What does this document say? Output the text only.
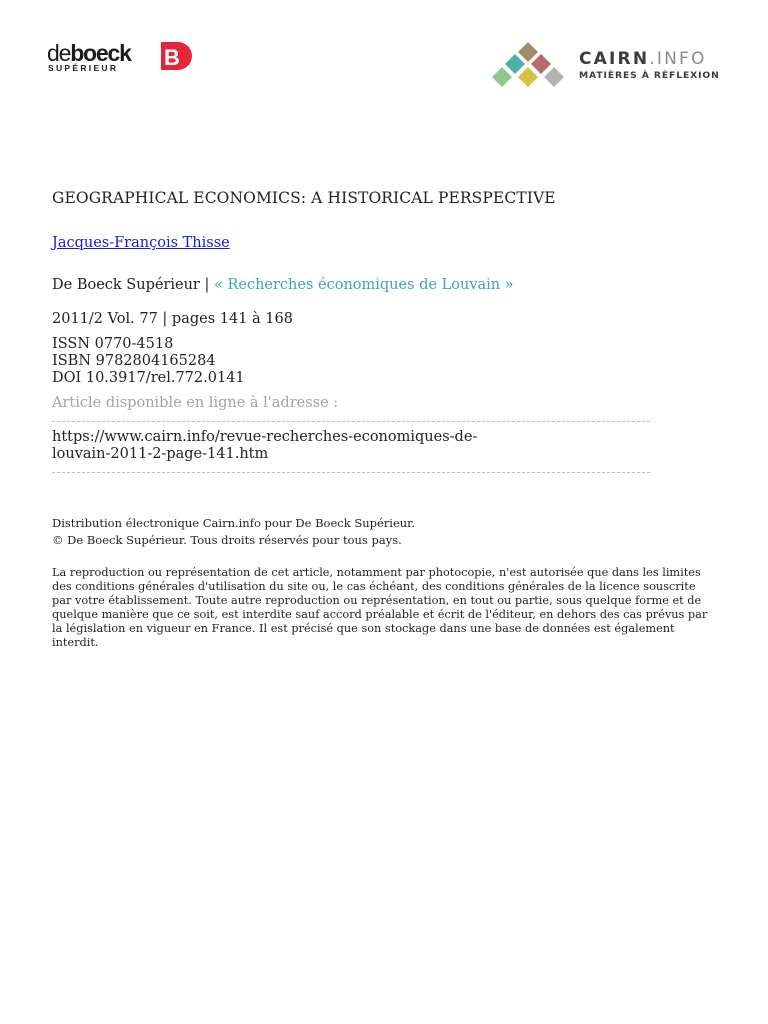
deboeck
SUPÉRIEUR B	CAIRN.INFO
MATIÈRES À RÉFLEXION
GEOGRAPHICAL ECONOMICS: A HISTORICAL PERSPECTIVE
Jacques-François Thisse
De Boeck Supérieur | « Recherches économiques de Louvain »
2011/2 Vol. 77 | pages 141 à 168
ISSN 0770-4518
ISBN 9782804165284
DOI 10.3917/rel.772.0141
Article disponible en ligne à l'adresse :
https://www.cairn.info/revue-recherches-economiques-de-
louvain-2011-2-page-141.htm
Distribution électronique Cairn.info pour De Boeck Supérieur.
© De Boeck Supérieur. Tous droits réservés pour tous pays.
La reproduction ou représentation de cet article, notamment par photocopie, n'est autorisée que dans les limites des conditions générales d'utilisation du site ou, le cas échéant, des conditions générales de la licence souscrite par votre établissement. Toute autre reproduction ou représentation, en tout ou partie, sous quelque forme et de quelque manière que ce soit, est interdite sauf accord préalable et écrit de l'éditeur, en dehors des cas prévus par la législation en vigueur en France. Il est précisé que son stockage dans une base de données est également interdit.
